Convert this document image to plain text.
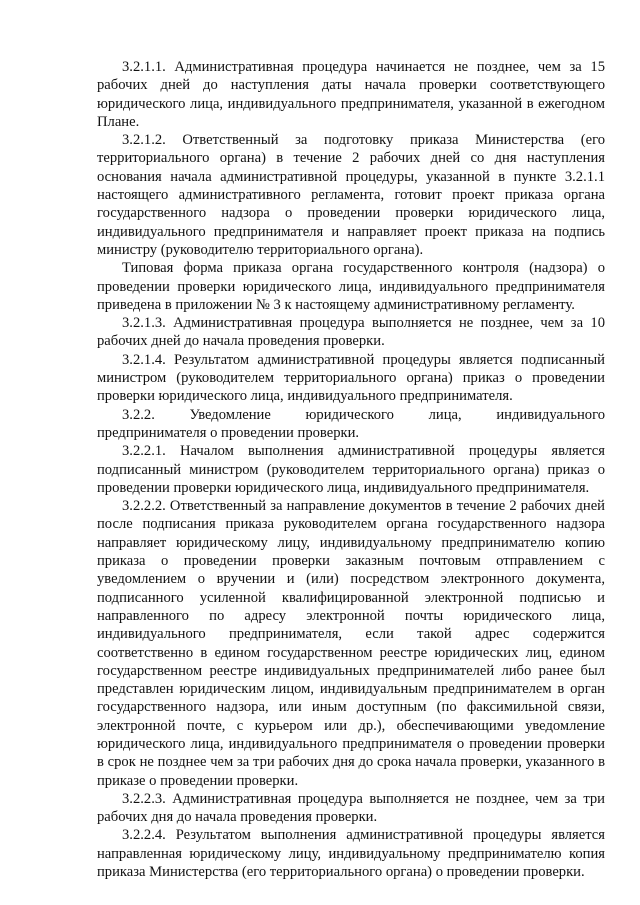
3.2.1.1. Административная процедура начинается не позднее, чем за 15 рабочих дней до наступления даты начала проверки соответствующего юридического лица, индивидуального предпринимателя, указанной в ежегодном Плане.

3.2.1.2. Ответственный за подготовку приказа Министерства (его территориального органа) в течение 2 рабочих дней со дня наступления основания начала административной процедуры, указанной в пункте 3.2.1.1 настоящего административного регламента, готовит проект приказа органа государственного надзора о проведении проверки юридического лица, индивидуального предпринимателя и направляет проект приказа на подпись министру (руководителю территориального органа).

Типовая форма приказа органа государственного контроля (надзора) о проведении проверки юридического лица, индивидуального предпринимателя приведена в приложении № 3 к настоящему административному регламенту.

3.2.1.3. Административная процедура выполняется не позднее, чем за 10 рабочих дней до начала проведения проверки.

3.2.1.4. Результатом административной процедуры является подписанный министром (руководителем территориального органа) приказ о проведении проверки юридического лица, индивидуального предпринимателя.

3.2.2. Уведомление юридического лица, индивидуального
предпринимателя о проведении проверки.

3.2.2.1. Началом выполнения административной процедуры является подписанный министром (руководителем территориального органа) приказ о проведении проверки юридического лица, индивидуального предпринимателя.

3.2.2.2. Ответственный за направление документов в течение 2 рабочих дней после подписания приказа руководителем органа государственного надзора направляет юридическому лицу, индивидуальному предпринимателю копию приказа о проведении проверки заказным почтовым отправлением с уведомлением о вручении и (или) посредством электронного документа, подписанного усиленной квалифицированной электронной подписью и направленного по адресу электронной почты юридического лица, индивидуального предпринимателя, если такой адрес содержится соответственно в едином государственном реестре юридических лиц, едином государственном реестре индивидуальных предпринимателей либо ранее был представлен юридическим лицом, индивидуальным предпринимателем в орган государственного надзора, или иным доступным (по факсимильной связи, электронной почте, с курьером или др.), обеспечивающими уведомление юридического лица, индивидуального предпринимателя о проведении проверки в срок не позднее чем за три рабочих дня до срока начала проверки, указанного в приказе о проведении проверки.

3.2.2.3. Административная процедура выполняется не позднее, чем за три рабочих дня до начала проведения проверки.

3.2.2.4. Результатом выполнения административной процедуры является направленная юридическому лицу, индивидуальному предпринимателю копия приказа Министерства (его территориального органа) о проведении проверки.
